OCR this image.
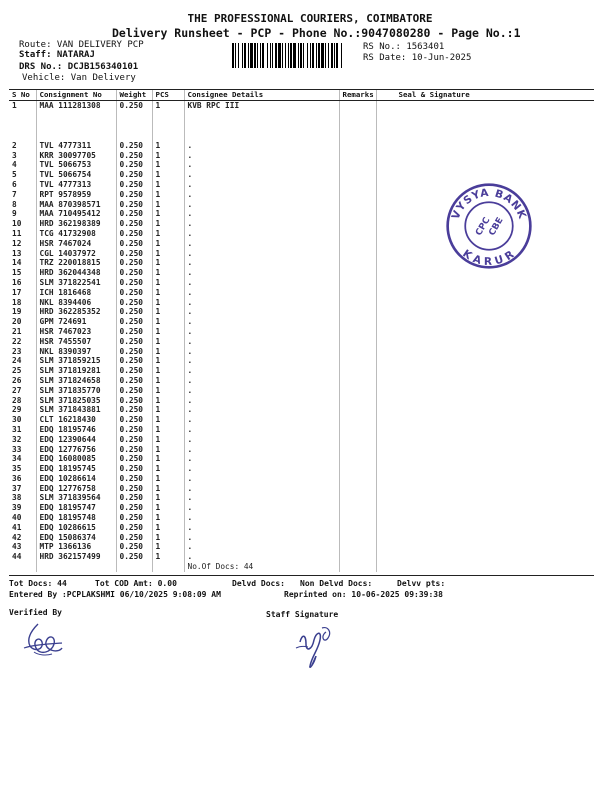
THE PROFESSIONAL COURIERS, COIMBATORE
Delivery Runsheet - PCP - Phone No.:9047080280 - Page No.:1
Route: VAN DELIVERY PCP
Staff: NATARAJ
DRS No.: DCJB156340101
Vehicle: Van Delivery
RS No.: 1563401
RS Date: 10-Jun-2025
S No	Consignment No	Weight	PCS	Consignee Details	Remarks	Seal & Signature
1	MAA 111281308	0.250	1	KVB RPC III		

2	TVL 4777311	0.250	1	.		
3	KRR 30097705	0.250	1	.		
4	TVL 5066753	0.250	1	.		
5	TVL 5066754	0.250	1	.		
6	TVL 4777313	0.250	1	.		
7	RPT 9578959	0.250	1	.		
8	MAA 870398571	0.250	1	.		
9	MAA 710495412	0.250	1	.		
10	HRD 362198389	0.250	1	.		
11	TCG 41732908	0.250	1	.		
12	HSR 7467024	0.250	1	.		
13	CGL 14037972	0.250	1	.		
14	TRZ 220018815	0.250	1	.		
15	HRD 362044348	0.250	1	.		
16	SLM 371822541	0.250	1	.		
17	ICH 1816468	0.250	1	.		
18	NKL 8394406	0.250	1	.		
19	HRD 362285352	0.250	1	.		
20	GPM 724691	0.250	1	.		
21	HSR 7467023	0.250	1	.		
22	HSR 7455507	0.250	1	.		
23	NKL 8390397	0.250	1	.		
24	SLM 371859215	0.250	1	.		
25	SLM 371819281	0.250	1	.		
26	SLM 371824658	0.250	1	.		
27	SLM 371835770	0.250	1	.		
28	SLM 371825035	0.250	1	.		
29	SLM 371843881	0.250	1	.		
30	CLT 16218430	0.250	1	.		
31	EDQ 18195746	0.250	1	.		
32	EDQ 12390644	0.250	1	.		
33	EDQ 12776756	0.250	1	.		
34	EDQ 16080085	0.250	1	.		
35	EDQ 18195745	0.250	1	.		
36	EDQ 10286614	0.250	1	.		
37	EDQ 12776758	0.250	1	.		
38	SLM 371839564	0.250	1	.		
39	EDQ 18195747	0.250	1	.		
40	EDQ 18195748	0.250	1	.		
41	EDQ 10286615	0.250	1	.		
42	EDQ 15086374	0.250	1	.		
43	MTP 1366136	0.250	1	.		
44	HRD 362157499	0.250	1	.		
				No.Of Docs: 44		
VYSYA BANK
KARUR
CPC
CBE
Tot Docs: 44	Tot COD Amt: 0.00	Delvd Docs: Non Delvd Docs:	Delvv pts:
Entered By :PCPLAKSHMI 06/10/2025 9:08:09 AM	Reprinted on: 10-06-2025 09:39:38
Verified By	Staff Signature
